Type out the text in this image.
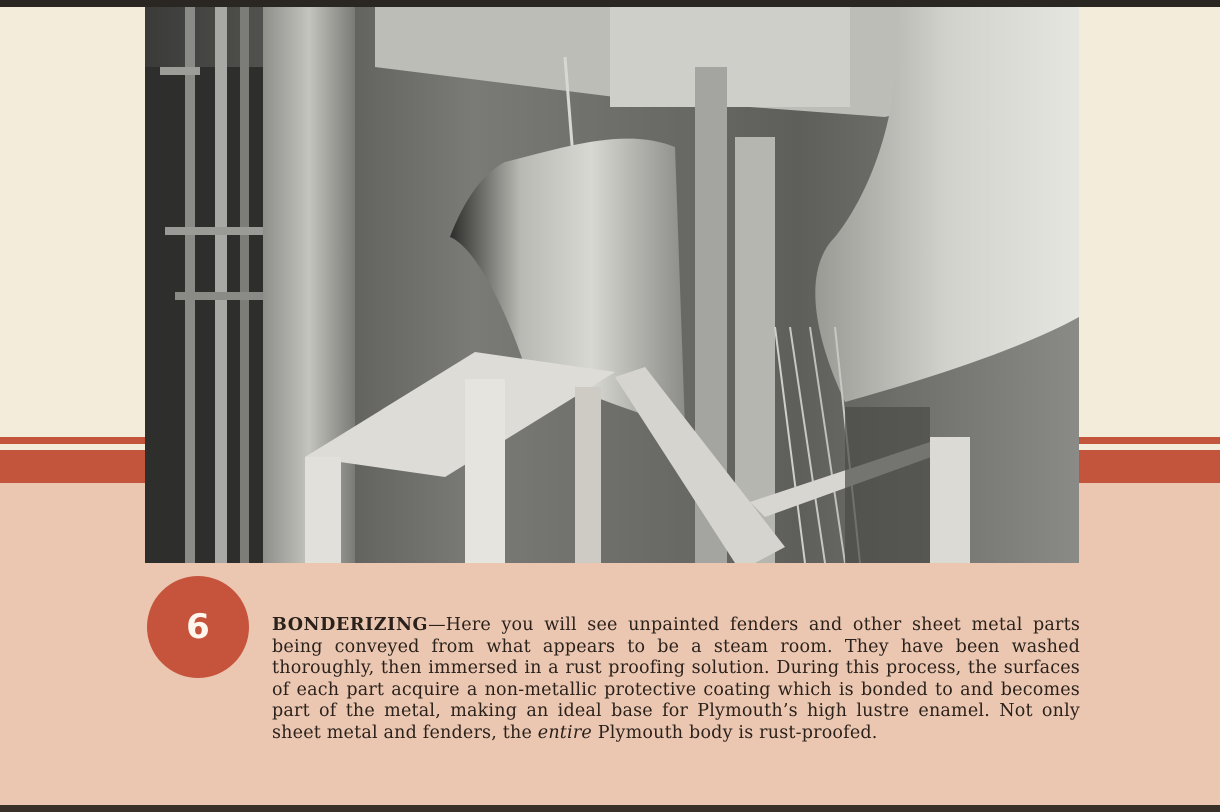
6	BONDERIZING—Here you will see unpainted fenders and other sheet metal parts being conveyed from what appears to be a steam room. They have been washed thoroughly, then immersed in a rust proofing solution. During this process, the surfaces of each part acquire a non-metallic protective coating which is bonded to and becomes part of the metal, making an ideal base for Plymouth’s high lustre enamel. Not only sheet metal and fenders, the entire Plymouth body is rust-proofed.
